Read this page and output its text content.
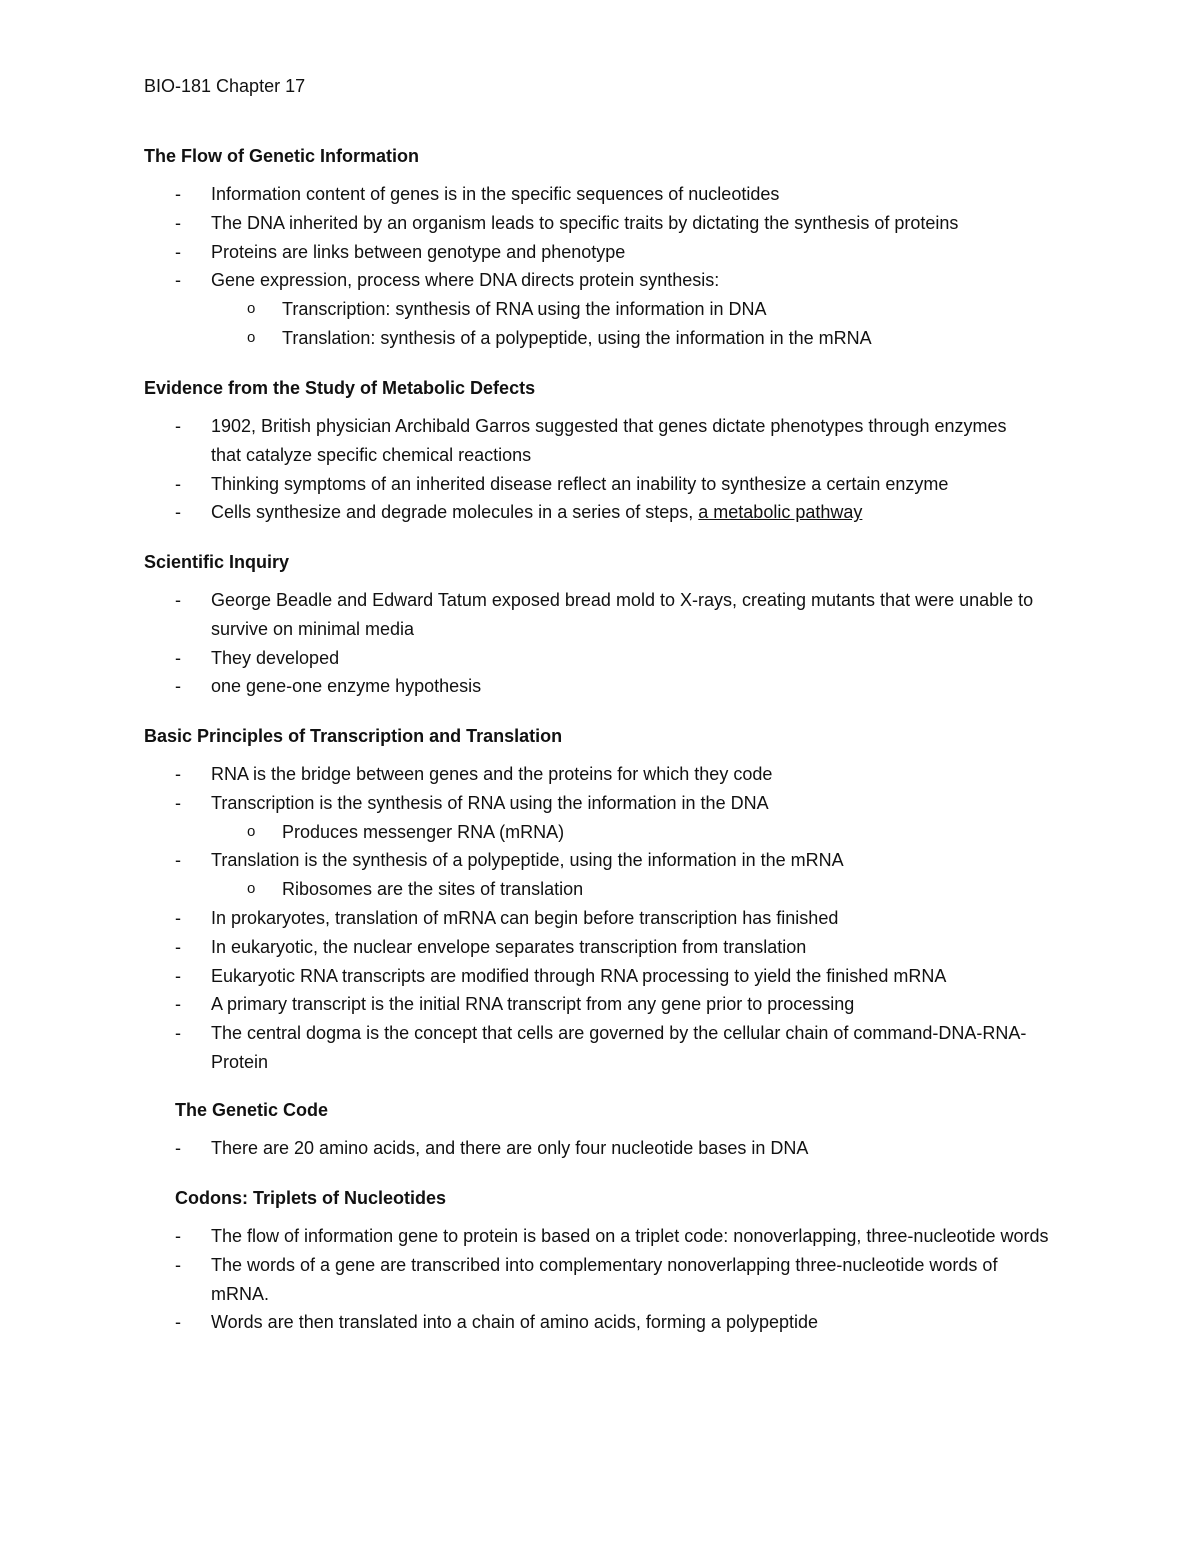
BIO-181 Chapter 17
The Flow of Genetic Information
- Information content of genes is in the specific sequences of nucleotides
- The DNA inherited by an organism leads to specific traits by dictating the synthesis of proteins
- Proteins are links between genotype and phenotype
- Gene expression, process where DNA directs protein synthesis:
o Transcription: synthesis of RNA using the information in DNA
o Translation: synthesis of a polypeptide, using the information in the mRNA
Evidence from the Study of Metabolic Defects
- 1902, British physician Archibald Garros suggested that genes dictate phenotypes through enzymes that catalyze specific chemical reactions
- Thinking symptoms of an inherited disease reflect an inability to synthesize a certain enzyme
- Cells synthesize and degrade molecules in a series of steps, a metabolic pathway
Scientific Inquiry
- George Beadle and Edward Tatum exposed bread mold to X-rays, creating mutants that were unable to survive on minimal media
- They developed
- one gene-one enzyme hypothesis
Basic Principles of Transcription and Translation
- RNA is the bridge between genes and the proteins for which they code
- Transcription is the synthesis of RNA using the information in the DNA
o Produces messenger RNA (mRNA)
- Translation is the synthesis of a polypeptide, using the information in the mRNA
o Ribosomes are the sites of translation
- In prokaryotes, translation of mRNA can begin before transcription has finished
- In eukaryotic, the nuclear envelope separates transcription from translation
- Eukaryotic RNA transcripts are modified through RNA processing to yield the finished mRNA
- A primary transcript is the initial RNA transcript from any gene prior to processing
- The central dogma is the concept that cells are governed by the cellular chain of command-DNA-RNA-Protein
The Genetic Code
- There are 20 amino acids, and there are only four nucleotide bases in DNA
Codons: Triplets of Nucleotides
- The flow of information gene to protein is based on a triplet code: nonoverlapping, three-nucleotide words
- The words of a gene are transcribed into complementary nonoverlapping three-nucleotide words of mRNA.
- Words are then translated into a chain of amino acids, forming a polypeptide
